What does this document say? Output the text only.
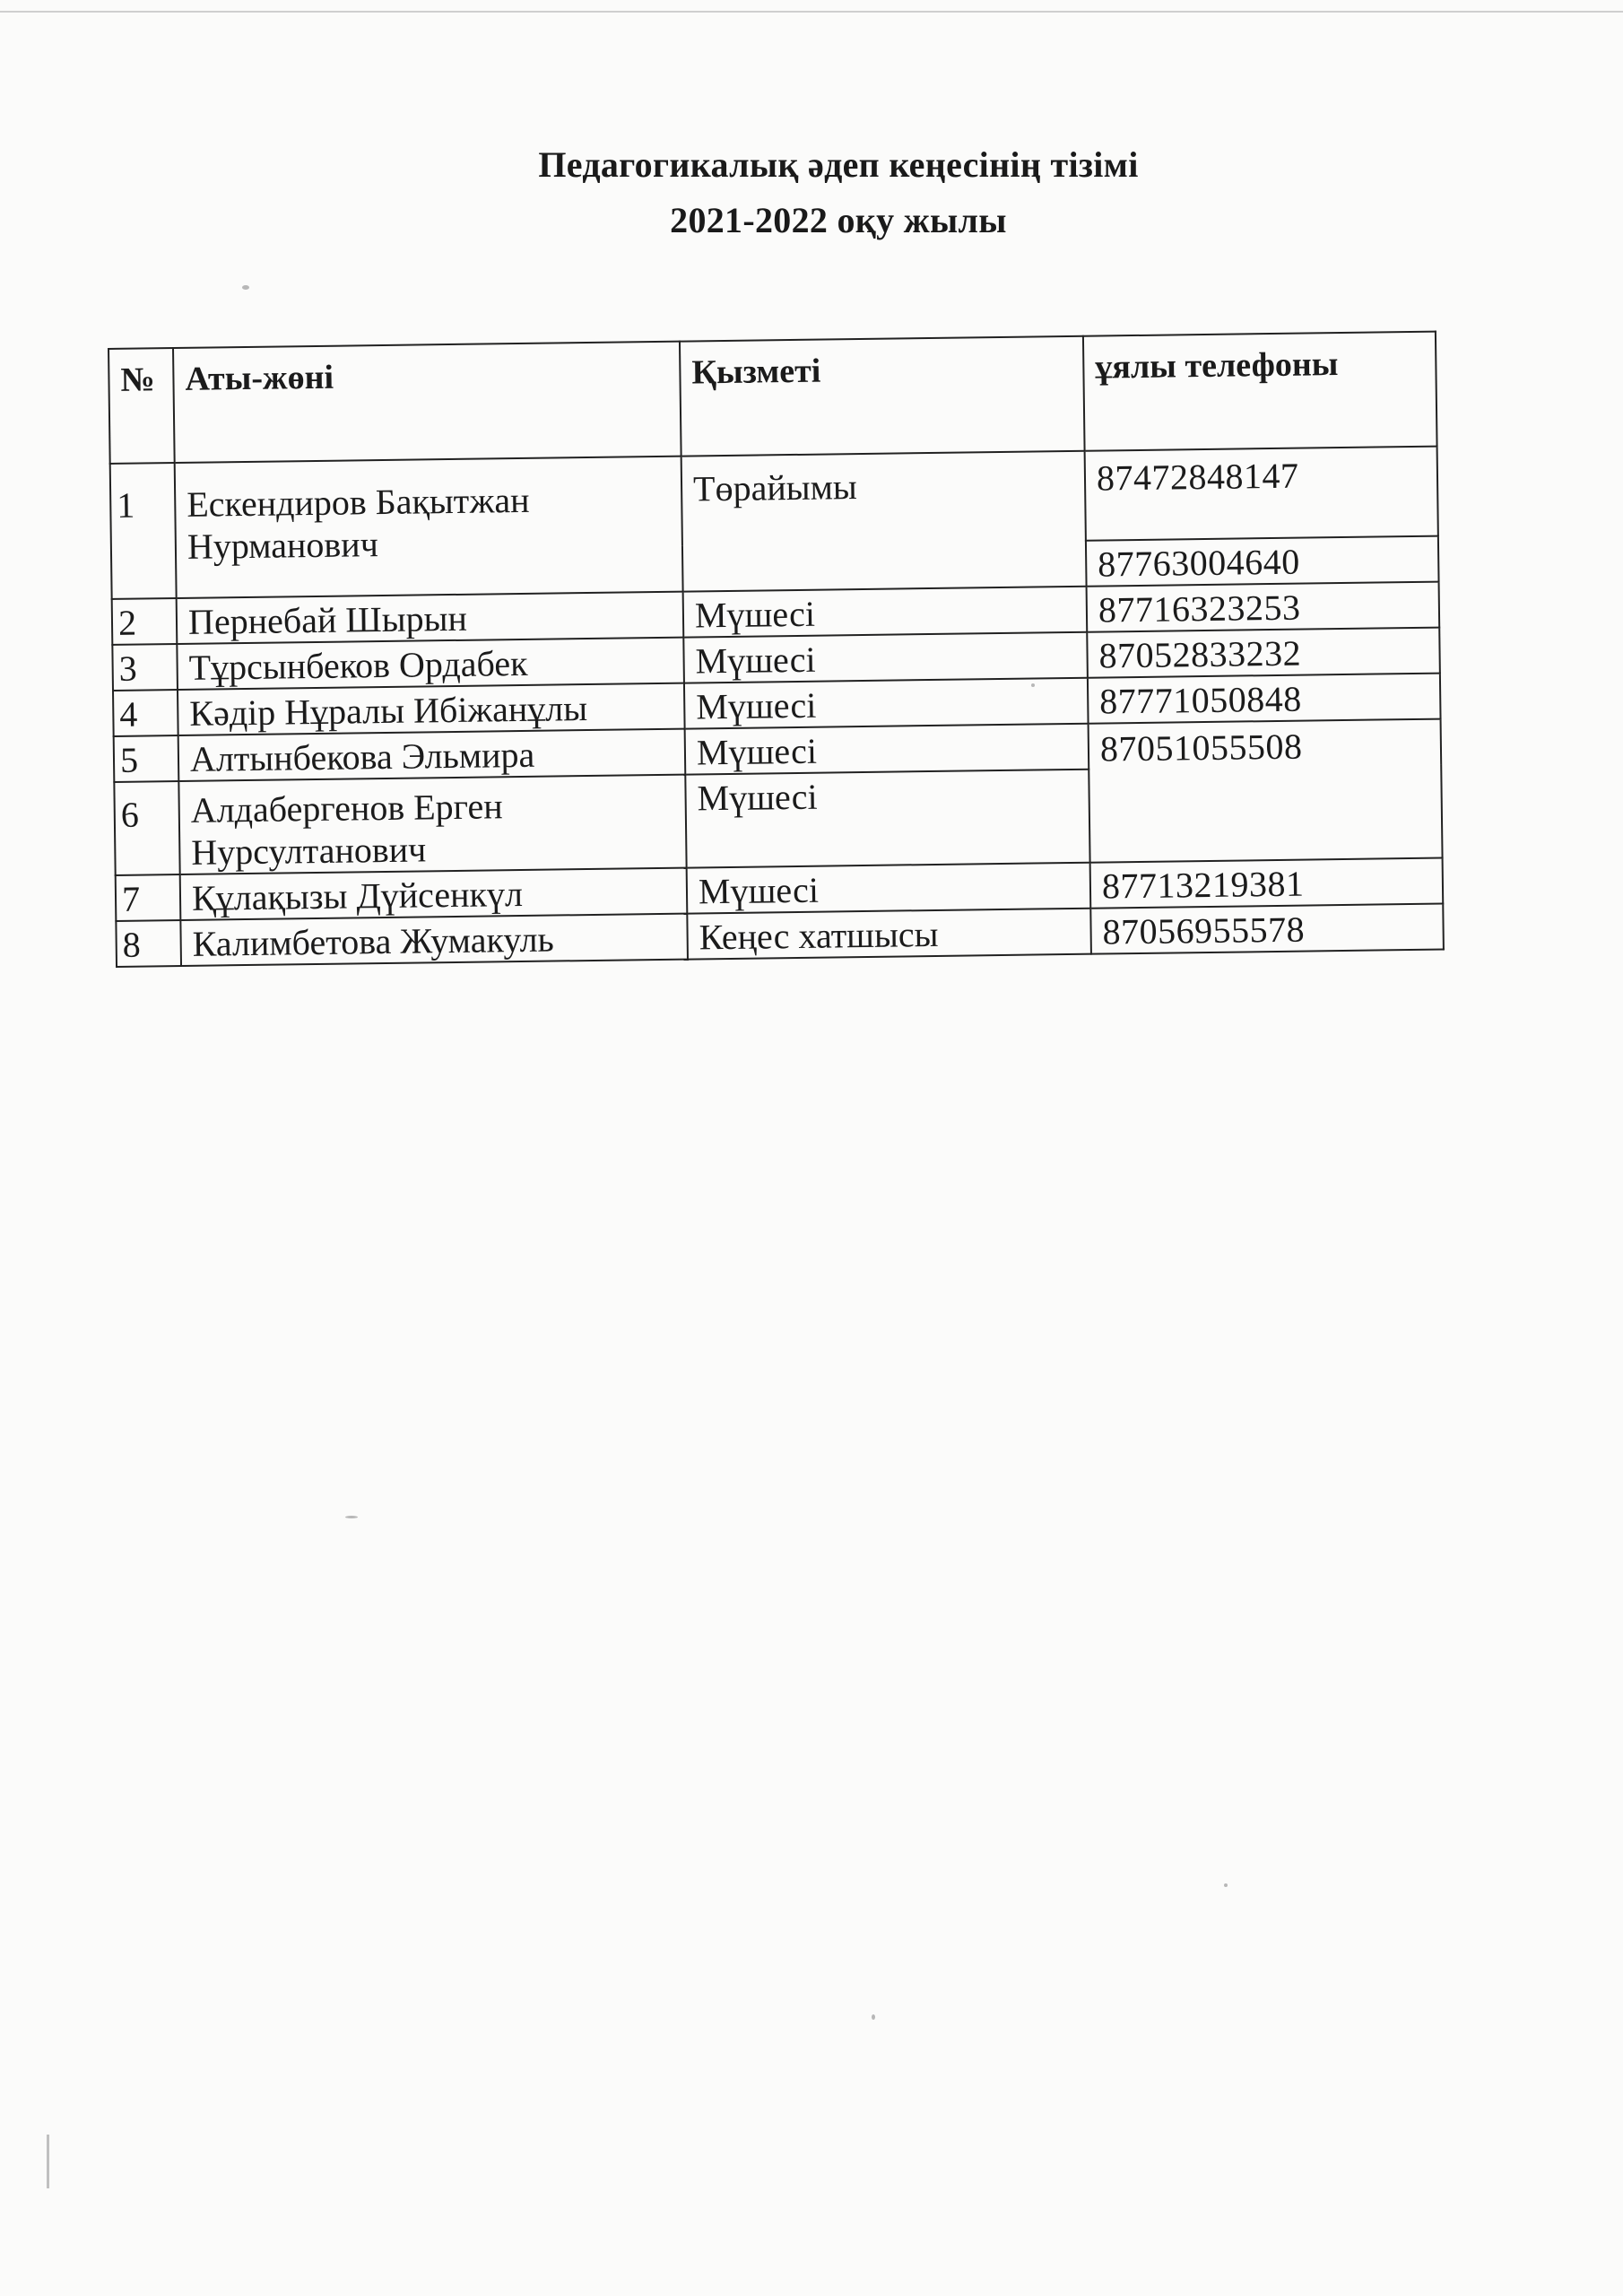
Педагогикалық әдеп кеңесінің тізімі
2021-2022 оқу жылы
№	Аты-жөні	Қызметі	ұялы телефоны
1	Ескендиров Бақытжан Нурманович	Төрайымы	87472848147
			87763004640
2	Пернебай Шырын	Мүшесі	87716323253
3	Тұрсынбеков Ордабек	Мүшесі	87052833232
4	Кәдір Нұралы Ибіжанұлы	Мүшесі	87771050848
5	Алтынбекова Эльмира	Мүшесі	87051055508
6	Алдабергенов Ерген Нурсултанович	Мүшесі	
7	Құлақызы Дүйсенкүл	Мүшесі	87713219381
8	Калимбетова Жумакуль	Кеңес хатшысы	87056955578
